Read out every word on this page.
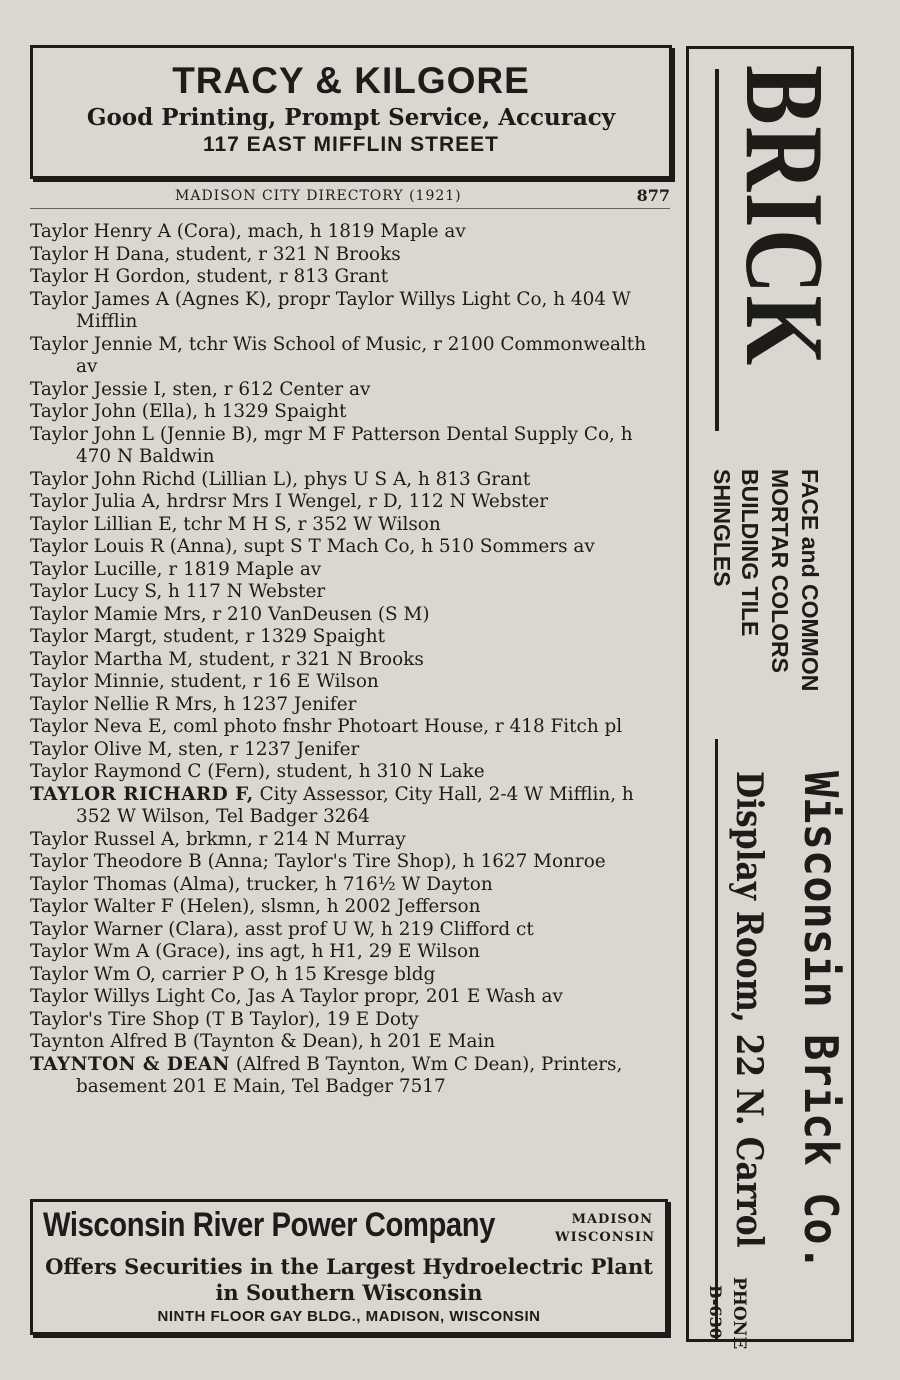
TRACY & KILGORE
Good Printing, Prompt Service, Accuracy
117 EAST MIFFLIN STREET
MADISON CITY DIRECTORY (1921)	877

Taylor Henry A (Cora), mach, h 1819 Maple av

Taylor H Dana, student, r 321 N Brooks

Taylor H Gordon, student, r 813 Grant

Taylor James A (Agnes K), propr Taylor Willys Light Co, h 404 W Mifflin

Taylor Jennie M, tchr Wis School of Music, r 2100 Commonwealth av

Taylor Jessie I, sten, r 612 Center av

Taylor John (Ella), h 1329 Spaight

Taylor John L (Jennie B), mgr M F Patterson Dental Supply Co, h 470 N Baldwin

Taylor John Richd (Lillian L), phys U S A, h 813 Grant

Taylor Julia A, hrdrsr Mrs I Wengel, r D, 112 N Webster

Taylor Lillian E, tchr M H S, r 352 W Wilson

Taylor Louis R (Anna), supt S T Mach Co, h 510 Sommers av

Taylor Lucille, r 1819 Maple av

Taylor Lucy S, h 117 N Webster

Taylor Mamie Mrs, r 210 VanDeusen (S M)

Taylor Margt, student, r 1329 Spaight

Taylor Martha M, student, r 321 N Brooks

Taylor Minnie, student, r 16 E Wilson

Taylor Nellie R Mrs, h 1237 Jenifer

Taylor Neva E, coml photo fnshr Photoart House, r 418 Fitch pl

Taylor Olive M, sten, r 1237 Jenifer

Taylor Raymond C (Fern), student, h 310 N Lake

TAYLOR RICHARD F, City Assessor, City Hall, 2-4 W Mifflin, h 352 W Wilson, Tel Badger 3264

Taylor Russel A, brkmn, r 214 N Murray

Taylor Theodore B (Anna; Taylor's Tire Shop), h 1627 Monroe

Taylor Thomas (Alma), trucker, h 716½ W Dayton

Taylor Walter F (Helen), slsmn, h 2002 Jefferson

Taylor Warner (Clara), asst prof U W, h 219 Clifford ct

Taylor Wm A (Grace), ins agt, h H1, 29 E Wilson

Taylor Wm O, carrier P O, h 15 Kresge bldg

Taylor Willys Light Co, Jas A Taylor propr, 201 E Wash av

Taylor's Tire Shop (T B Taylor), 19 E Doty

Taynton Alfred B (Taynton & Dean), h 201 E Main

TAYNTON & DEAN (Alfred B Taynton, Wm C Dean), Printers, basement 201 E Main, Tel Badger 7517

Wisconsin River Power Company	MADISON
WISCONSIN
Offers Securities in the Largest Hydroelectric Plant
in Southern Wisconsin
NINTH FLOOR GAY BLDG., MADISON, WISCONSIN
BRICK
FACE and COMMON
MORTAR COLORS
BUILDING TILE
SHINGLES
Wisconsin Brick Co.
Display Room, 22 N. Carrol
PHONE
B-630
